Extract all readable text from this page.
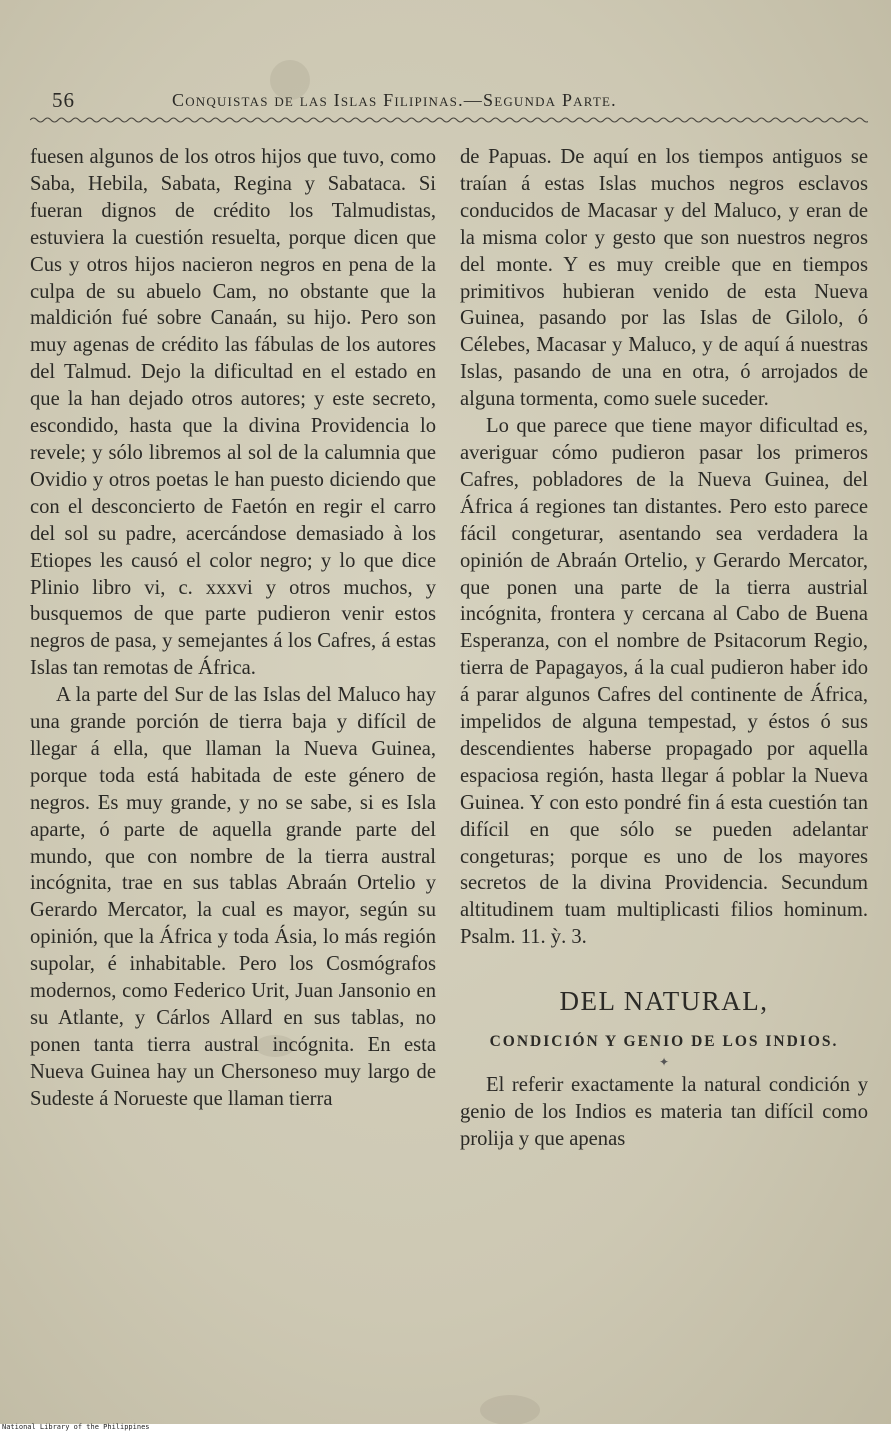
56	Conquistas de las Islas Filipinas.—Segunda Parte.

fuesen algunos de los otros hijos que tuvo, como Saba, Hebila, Sabata, Regina y Sabataca. Si fueran dignos de crédito los Talmudistas, estuviera la cuestión resuelta, porque dicen que Cus y otros hijos nacieron negros en pena de la culpa de su abuelo Cam, no obstante que la maldición fué sobre Canaán, su hijo. Pero son muy agenas de crédito las fábulas de los autores del Talmud. Dejo la dificultad en el estado en que la han dejado otros autores; y este secreto, escondido, hasta que la divina Providencia lo revele; y sólo libremos al sol de la calumnia que Ovidio y otros poetas le han puesto diciendo que con el desconcierto de Faetón en regir el carro del sol su padre, acercándose demasiado à los Etiopes les causó el color negro; y lo que dice Plinio libro vi, c. xxxvi y otros muchos, y busquemos de que parte pudieron venir estos negros de pasa, y semejantes á los Cafres, á estas Islas tan remotas de África.

A la parte del Sur de las Islas del Maluco hay una grande porción de tierra baja y difícil de llegar á ella, que llaman la Nueva Guinea, porque toda está habitada de este género de negros. Es muy grande, y no se sabe, si es Isla aparte, ó parte de aquella grande parte del mundo, que con nombre de la tierra austral incógnita, trae en sus tablas Abraán Ortelio y Gerardo Mercator, la cual es mayor, según su opinión, que la África y toda Ásia, lo más región supolar, é inhabitable. Pero los Cosmógrafos modernos, como Federico Urit, Juan Jansonio en su Atlante, y Cárlos Allard en sus tablas, no ponen tanta tierra austral incógnita. En esta Nueva Guinea hay un Chersoneso muy largo de Sudeste á Norueste que llaman tierra

de Papuas. De aquí en los tiempos antiguos se traían á estas Islas muchos negros esclavos conducidos de Macasar y del Maluco, y eran de la misma color y gesto que son nuestros negros del monte. Y es muy creible que en tiempos primitivos hubieran venido de esta Nueva Guinea, pasando por las Islas de Gilolo, ó Célebes, Macasar y Maluco, y de aquí á nuestras Islas, pasando de una en otra, ó arrojados de alguna tormenta, como suele suceder.

Lo que parece que tiene mayor dificultad es, averiguar cómo pudieron pasar los primeros Cafres, pobladores de la Nueva Guinea, del África á regiones tan distantes. Pero esto parece fácil congeturar, asentando sea verdadera la opinión de Abraán Ortelio, y Gerardo Mercator, que ponen una parte de la tierra austrial incógnita, frontera y cercana al Cabo de Buena Esperanza, con el nombre de Psitacorum Regio, tierra de Papagayos, á la cual pudieron haber ido á parar algunos Cafres del continente de África, impelidos de alguna tempestad, y éstos ó sus descendientes haberse propagado por aquella espaciosa región, hasta llegar á poblar la Nueva Guinea. Y con esto pondré fin á esta cuestión tan difícil en que sólo se pueden adelantar congeturas; porque es uno de los mayores secretos de la divina Providencia. Secundum altitudinem tuam multiplicasti filios hominum. Psalm. 11. ỳ. 3.

DEL NATURAL,

CONDICIÓN Y GENIO DE LOS INDIOS.

✦

El referir exactamente la natural condición y genio de los Indios es materia tan difícil como prolija y que apenas

National Library of the Philippines
